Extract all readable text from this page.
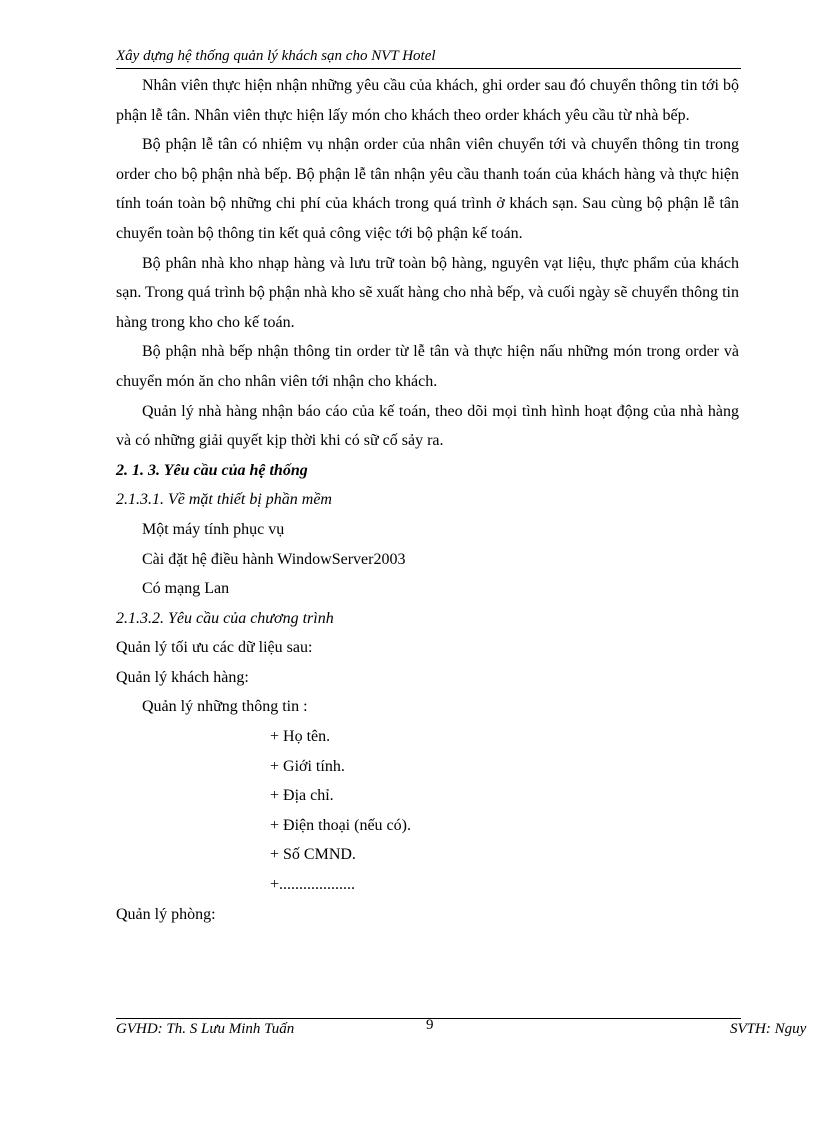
Xây dựng hệ thống quản lý khách sạn cho NVT Hotel

Nhân viên thực hiện nhận những yêu cầu của khách, ghi order sau đó chuyển thông tin tới bộ phận lễ tân. Nhân viên thực hiện lấy món cho khách theo order khách yêu cầu từ nhà bếp.

Bộ phận lễ tân có nhiệm vụ nhận order của nhân viên chuyển tới và chuyển thông tin trong order cho bộ phận nhà bếp. Bộ phận lễ tân nhận yêu cầu thanh toán của khách hàng và thực hiện tính toán toàn bộ những chi phí của khách trong quá trình ở khách sạn. Sau cùng bộ phận lễ tân chuyển toàn bộ thông tin kết quả công việc tới bộ phận kế toán.

Bộ phân nhà kho nhạp hàng và lưu trữ toàn bộ hàng, nguyên vạt liệu, thực phẩm của khách sạn. Trong quá trình bộ phận nhà kho sẽ xuất hàng cho nhà bếp, và cuối ngày sẽ chuyển thông tin hàng trong kho cho kế toán.

Bộ phận nhà bếp nhận thông tin order từ lễ tân và thực hiện nấu những món trong order và chuyển món ăn cho nhân viên tới nhận cho khách.

Quản lý nhà hàng nhận báo cáo của kế toán, theo dõi mọi tình hình hoạt động của nhà hàng và có những giải quyết kịp thời khi có sữ cố sảy ra.

2. 1. 3. Yêu cầu của hệ thống

2.1.3.1. Về mặt thiết bị phần mềm

Một máy tính phục vụ

Cài đặt hệ điều hành WindowServer2003

Có mạng Lan

2.1.3.2. Yêu cầu của chương trình

Quản lý tối ưu các dữ liệu sau:

Quản lý khách hàng:

Quản lý những thông tin :

+ Họ tên.

+ Giới tính.

+ Địa chỉ.

+ Điện thoại (nếu có).

+ Số CMND.

+...................

Quản lý phòng:

GVHD: Th. S Lưu Minh Tuấn	9	SVTH: Nguy
